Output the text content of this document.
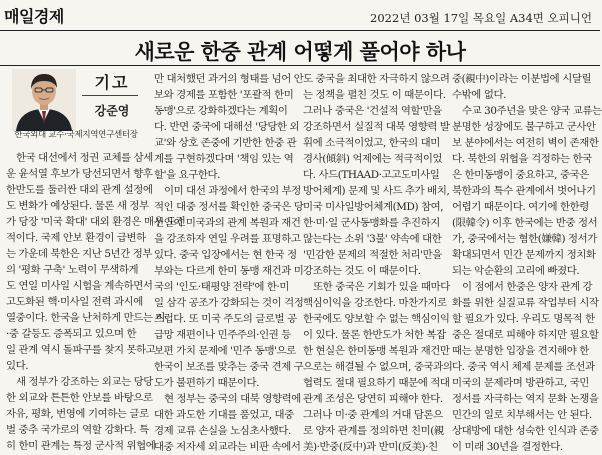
매일경제	2022년 03월 17일 목요일 A34면 오피니언
새로운 한중 관계 어떻게 풀어야 하나
기고
강준영
한국외대 교수·국제지역연구센터장
한국 대선에서 정권 교체를 삼세
운 윤석열 후보가 당선되면서 향후
한반도를 둘러싼 대외 관계 설정에
도 변화가 예상된다. 물론 새 정부
가 당장 '미국 확대' 대외 환경은 매우 도전
적이다. 국제 안보 환경이 급변하
는 가운데 북한은 지난 5년간 정부
의 '평화 구축' 노력이 무색하게
도 연일 미사일 시험을 계속하면서
고도화된 핵·미사일 전력 과시에
열중이다. 한국을 난처하게 만드는 미
·중 갈등도 증폭되고 있으며 한
일 관계 역시 돌파구를 찾지 못하고
있다.
새 정부가 강조하는 외교는 당당
한 외교와 튼튼한 안보를 바탕으로
자유, 평화, 번영에 기여하는 글로
벌 중추 국가로의 역할 강화다. 특
히 한미 관계는 특정 군사적 위협에
만 대처했던 과거의 형태를 넘어 안
보와 경제를 포함한 '포괄적 한미
동맹'으로 강화하겠다는 계획이
다. 반면 중국에 대해선 '당당한 외
교'와 상호 존중에 기반한 한중 관
계를 구현하겠다며 '책임 있는 역
할'을 요구한다.
이미 대선 과정에서 한국의 부정
적인 대중 정서를 확인한 중국은 당
선인이 미국과의 관계 복원과 재건
을 강조하자 연일 우려를 표명하고
있다. 중국 입장에서는 현 한국 정
부와는 다르게 한미 동맹 재건과 미
국의 '인도·태평양 전략'에 한·미
일 삼각 공조가 강화되는 것이 걱정
스럽다. 또 미국 주도의 글로벌 공
급망 재편이나 민주주의·인권 등
보편 가치 문제에 '민주 동맹'으로
한국이 보조를 맞추는 중국 견제 구
도가 불편하기 때문이다.
현 정부는 중국의 대북 영향력에
대한 과도한 기대를 품었고, 대중
경제 교류 손실을 노심초사했다.
대중 저자세 외교라는 비판 속에서
도 중국을 최대한 자극하지 않으려
는 정책을 펼친 것도 이 때문이다.
그러나 중국은 '건설적 역할'만을
강조하면서 실질적 대북 영향력 발
휘에 소극적이었고, 한국의 대미
경사(傾斜) 억제에는 적극적이었
다. 사드(THAAD·고고도미사일
방어체계) 문제 및 사드 추가 배치,
미국 미사일방어체계(MD) 참여,
한·미·일 군사동맹화를 추진하지
않는다는 소위 '3불' 약속에 대한
'민감한 문제의 적절한 처리'만을
강조하는 것도 이 때문이다.
또한 중국은 기회가 있을 때마다
핵심이익을 강조한다. 마찬가지로
한국에도 양보할 수 없는 핵심이익
이 있다. 물론 한반도가 처한 복잡
한 현실은 한미동맹 복원과 재건만
으로는 해결될 수 없으며, 중국과의
협력도 절대 필요하기 때문에 적대
관계 조성은 당연히 피해야 한다.
그러나 미·중 관계의 거대 담론으
로 양자 관계를 정의하면 친미(親
美)·반중(反中)과 반미(反美)·친
중(親中)이라는 이분법에 시달릴
수밖에 없다.
수교 30주년을 맞은 양국 교류는
분명한 성장에도 불구하고 군사안
보 분야에서는 여전히 벽이 존재한
다. 북한의 위협을 걱정하는 한국
은 한미동맹이 중요하고, 중국은
북한과의 특수 관계에서 벗어나기
어렵기 때문이다. 여기에 한한령
(限韓令) 이후 한국에는 반중 정서
가, 중국에서는 혐한(嫌韓) 정서가
확대되면서 민간 문제까지 정치화
되는 악순환의 고리에 빠졌다.
이 점에서 한중은 양자 관계 강
화를 위한 실질교류 작업부터 시작
할 필요가 있다. 우리도 명목적 한
중은 절대로 피해야 하지만 필요할
때는 분명한 입장을 견지해야 한
다. 중국 역시 체제 문제를 조선과
미국의 문제라며 방관하고, 국민
정서를 자극하는 역지 문화 논쟁을
민간의 일로 치부해서는 안 된다.
상대방에 대한 성숙한 인식과 존중
이 미래 30년을 결정한다.
